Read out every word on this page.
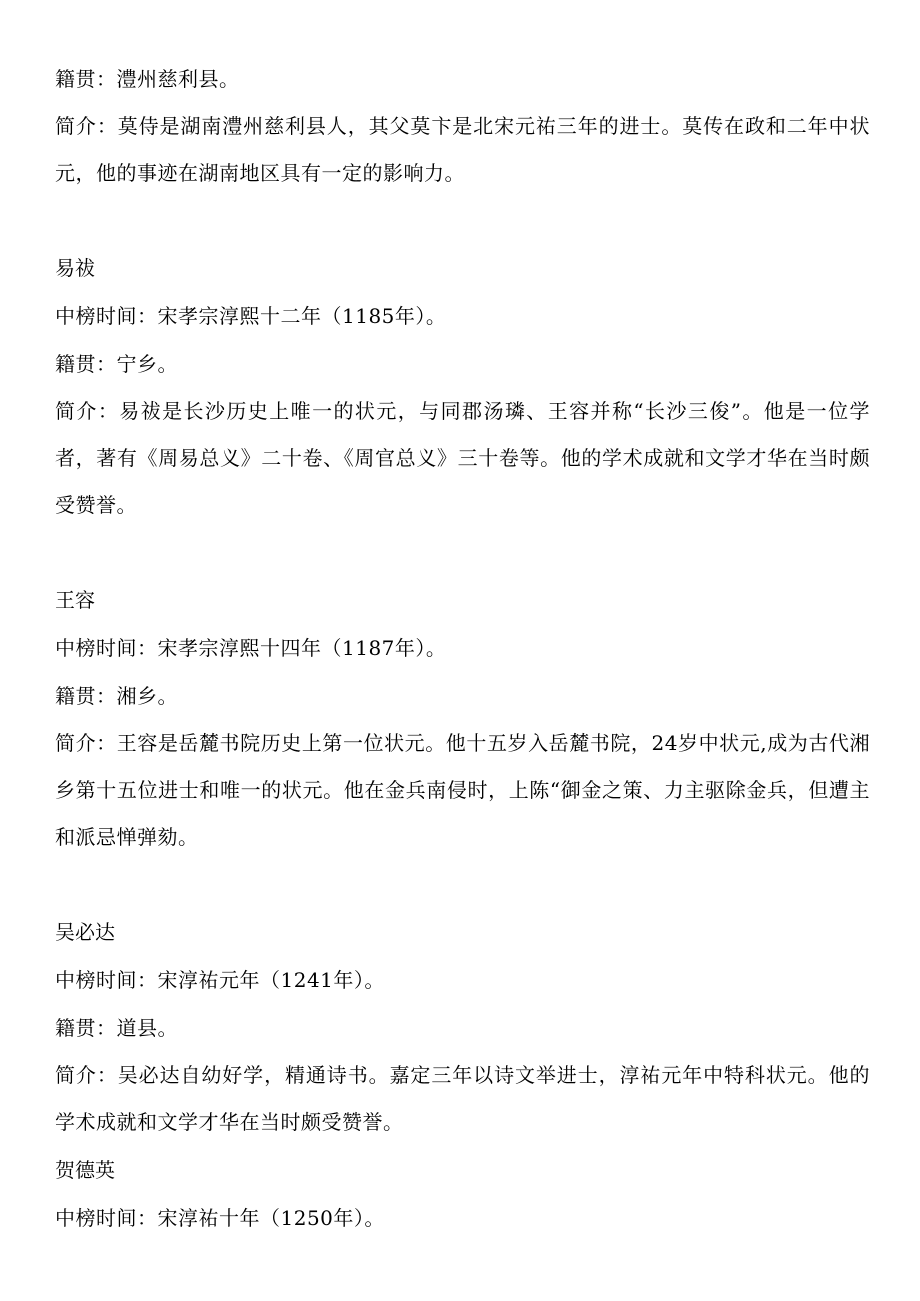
籍贯：澧州慈利县。
简介：莫侍是湖南澧州慈利县人，其父莫卞是北宋元祐三年的进士。莫传在政和二年中状元，他的事迹在湖南地区具有一定的影响力。
易祓
中榜时间：宋孝宗淳熙十二年（1185年）。
籍贯：宁乡。
简介：易祓是长沙历史上唯一的状元，与同郡汤璘、王容并称“长沙三俊”。他是一位学者，著有《周易总义》二十卷、《周官总义》三十卷等。他的学术成就和文学才华在当时颇受赞誉。
王容
中榜时间：宋孝宗淳熙十四年（1187年）。
籍贯：湘乡。
简介：王容是岳麓书院历史上第一位状元。他十五岁入岳麓书院，24岁中状元,成为古代湘乡第十五位进士和唯一的状元。他在金兵南侵时，上陈“御金之策、力主驱除金兵，但遭主和派忌惮弹劾。
吴必达
中榜时间：宋淳祐元年（1241年）。
籍贯：道县。
简介：吴必达自幼好学，精通诗书。嘉定三年以诗文举进士，淳祐元年中特科状元。他的学术成就和文学才华在当时颇受赞誉。
贺德英
中榜时间：宋淳祐十年（1250年）。
